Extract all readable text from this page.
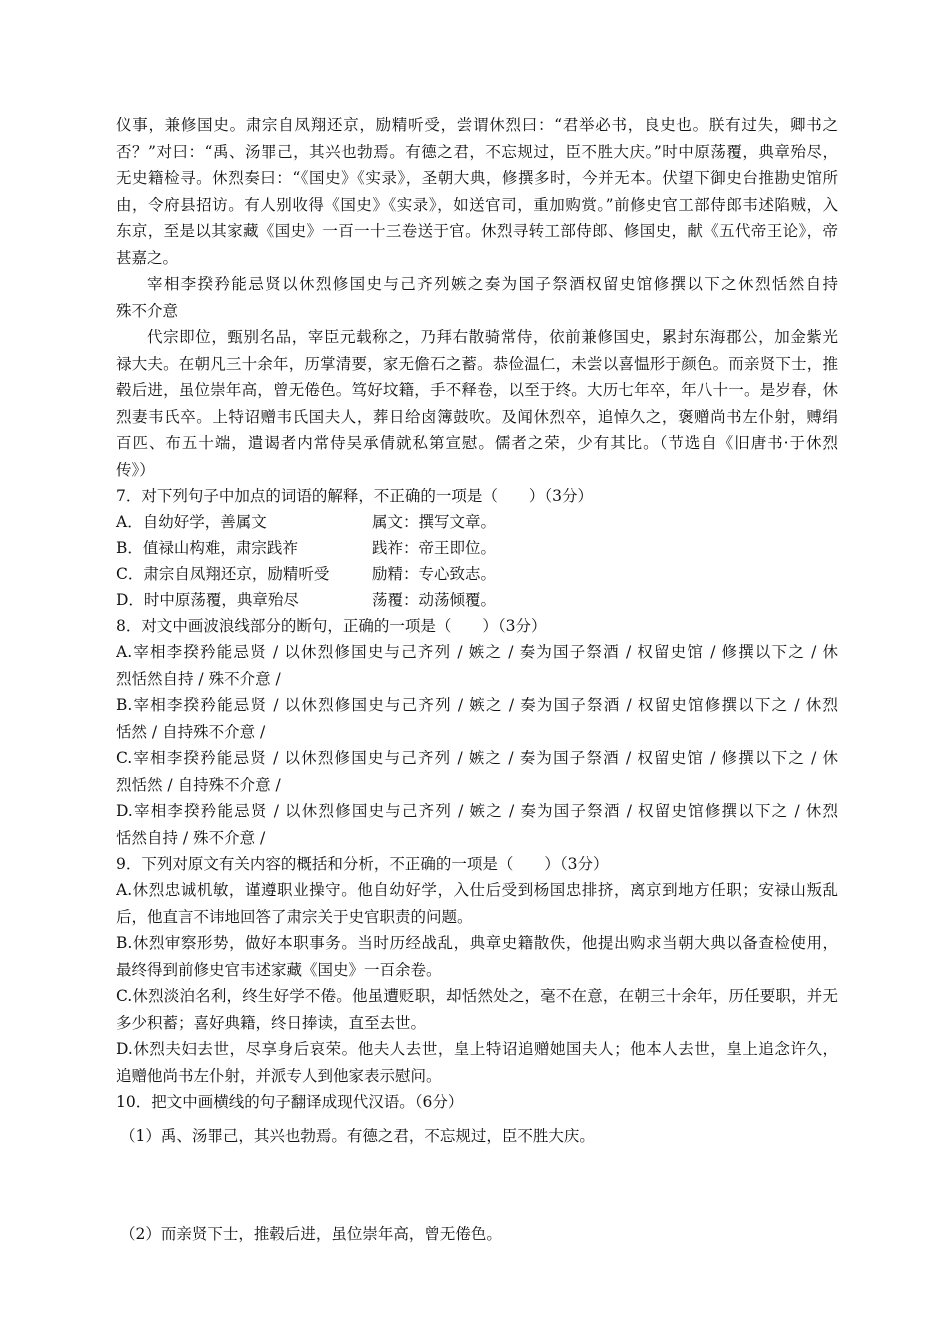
仪事，兼修国史。肃宗自凤翔还京，励精听受，尝谓休烈曰：“君举必书，良史也。朕有过失，卿书之
否？”对曰：“禹、汤罪己，其兴也勃焉。有德之君，不忘规过，臣不胜大庆。”时中原荡覆，典章殆尽，
无史籍检寻。休烈奏曰：“《国史》《实录》，圣朝大典，修撰多时，今并无本。伏望下御史台推勘史馆所
由，令府县招访。有人别收得《国史》《实录》，如送官司，重加购赏。”前修史官工部侍郎韦述陷贼，入
东京，至是以其家藏《国史》一百一十三卷送于官。休烈寻转工部侍郎、修国史，献《五代帝王论》，帝
甚嘉之。
宰相李揆矜能忌贤以休烈修国史与己齐列嫉之奏为国子祭酒权留史馆修撰以下之休烈恬然自持
殊不介意
代宗即位，甄别名品，宰臣元载称之，乃拜右散骑常侍，依前兼修国史，累封东海郡公，加金紫光
禄大夫。在朝凡三十余年，历掌清要，家无儋石之蓄。恭俭温仁，未尝以喜愠形于颜色。而亲贤下士，推
毂后进，虽位崇年高，曾无倦色。笃好坟籍，手不释卷，以至于终。大历七年卒，年八十一。是岁春，休
烈妻韦氏卒。上特诏赠韦氏国夫人，葬日给卤簿鼓吹。及闻休烈卒，追悼久之，褒赠尚书左仆射，赙绢
百匹、布五十端，遣谒者内常侍吴承倩就私第宣慰。儒者之荣，少有其比。（节选自《旧唐书·于休烈
传》）
7．对下列句子中加点的词语的解释，不正确的一项是（　　）（3分）
A．自幼好学，善属文	属文：撰写文章。
B．值禄山构难，肃宗践祚	践祚：帝王即位。
C．肃宗自凤翔还京，励精听受	励精：专心致志。
D．时中原荡覆，典章殆尽	荡覆：动荡倾覆。
8．对文中画波浪线部分的断句，正确的一项是（　　）（3分）
A.宰相李揆矜能忌贤 / 以休烈修国史与己齐列 / 嫉之 / 奏为国子祭酒 / 权留史馆 / 修撰以下之 / 休
烈恬然自持 / 殊不介意 /
B.宰相李揆矜能忌贤 / 以休烈修国史与己齐列 / 嫉之 / 奏为国子祭酒 / 权留史馆修撰以下之 / 休烈
恬然 / 自持殊不介意 /
C.宰相李揆矜能忌贤 / 以休烈修国史与己齐列 / 嫉之 / 奏为国子祭酒 / 权留史馆 / 修撰以下之 / 休
烈恬然 / 自持殊不介意 /
D.宰相李揆矜能忌贤 / 以休烈修国史与己齐列 / 嫉之 / 奏为国子祭酒 / 权留史馆修撰以下之 / 休烈
恬然自持 / 殊不介意 /
9．下列对原文有关内容的概括和分析，不正确的一项是（　　）（3分）
A.休烈忠诚机敏，谨遵职业操守。他自幼好学，入仕后受到杨国忠排挤，离京到地方任职；安禄山叛乱
后，他直言不讳地回答了肃宗关于史官职责的问题。
B.休烈审察形势，做好本职事务。当时历经战乱，典章史籍散佚，他提出购求当朝大典以备查检使用，
最终得到前修史官韦述家藏《国史》一百余卷。
C.休烈淡泊名利，终生好学不倦。他虽遭贬职，却恬然处之，毫不在意，在朝三十余年，历任要职，并无
多少积蓄；喜好典籍，终日捧读，直至去世。
D.休烈夫妇去世，尽享身后哀荣。他夫人去世，皇上特诏追赠她国夫人；他本人去世，皇上追念许久，
追赠他尚书左仆射，并派专人到他家表示慰问。
10．把文中画横线的句子翻译成现代汉语。（6分）
（1）禹、汤罪己，其兴也勃焉。有德之君，不忘规过，臣不胜大庆。
（2）而亲贤下士，推毂后进，虽位崇年高，曾无倦色。
